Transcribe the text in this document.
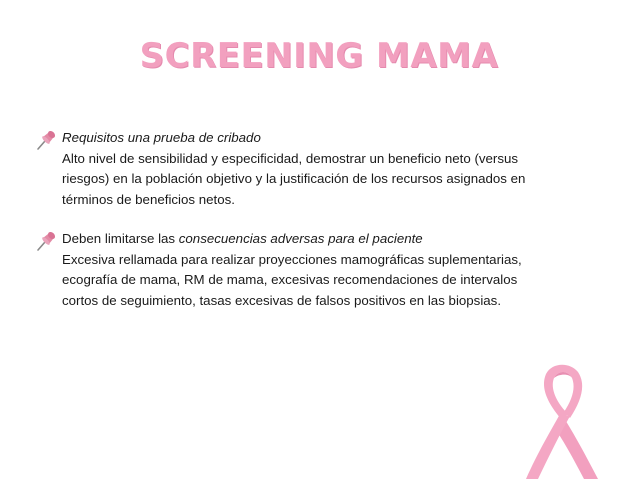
SCREENING MAMA
Requisitos una prueba de cribado
Alto nivel de sensibilidad y especificidad, demostrar un beneficio neto (versus
riesgos) en la población objetivo y la justificación de los recursos asignados en
términos de beneficios netos.
Deben limitarse las consecuencias adversas para el paciente
Excesiva rellamada para realizar proyecciones mamográficas suplementarias,
ecografía de mama, RM de mama, excesivas recomendaciones de intervalos
cortos de seguimiento, tasas excesivas de falsos positivos en las biopsias.
